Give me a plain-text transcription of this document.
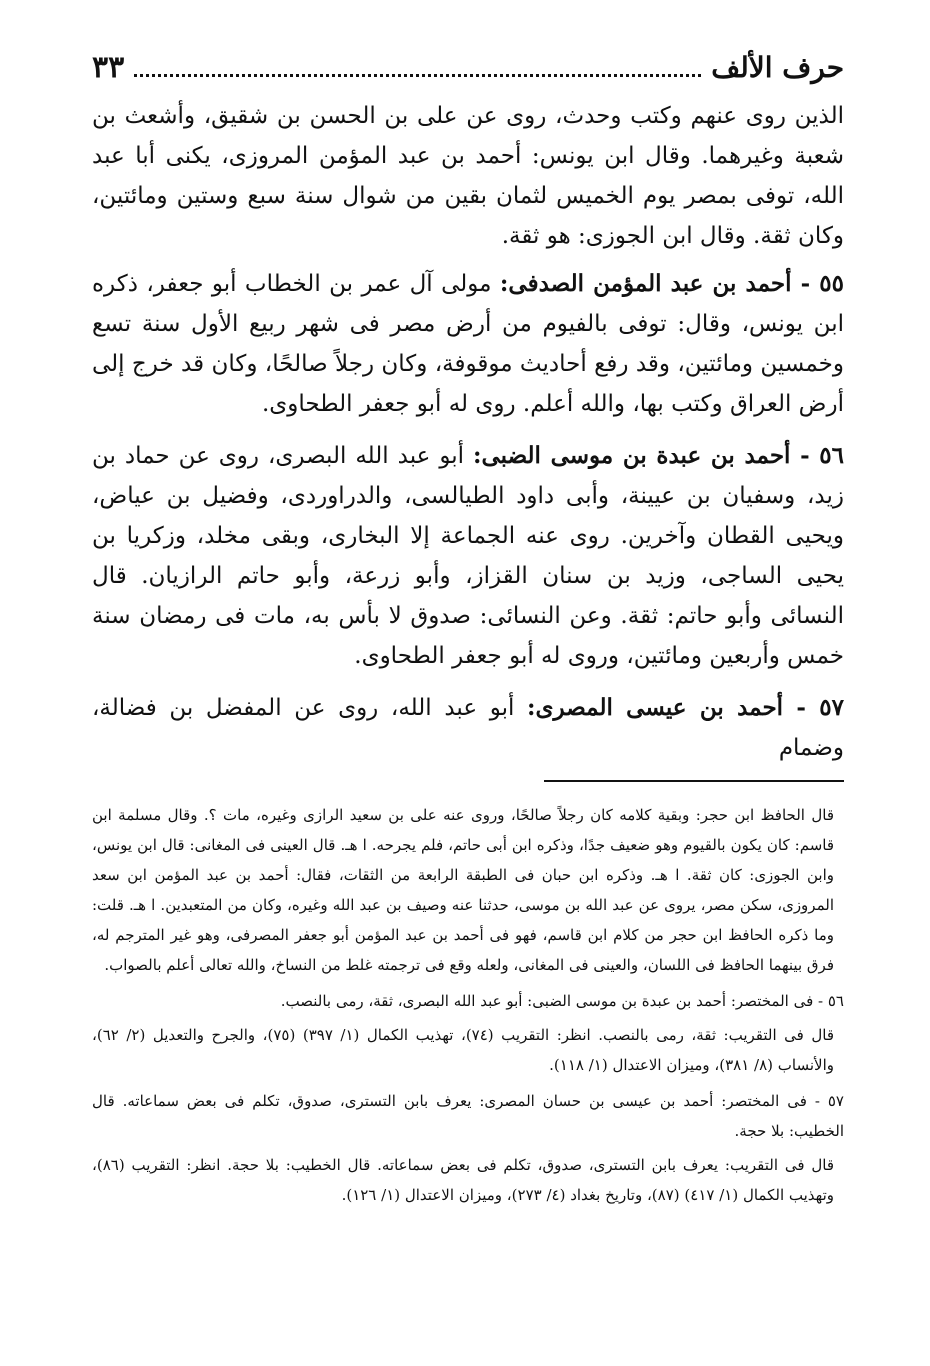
حرف الألف
٣٣

الذين روى عنهم وكتب وحدث، روى عن على بن الحسن بن شقيق، وأشعث بن شعبة وغيرهما. وقال ابن يونس: أحمد بن عبد المؤمن المروزى، يكنى أبا عبد الله، توفى بمصر يوم الخميس لثمان بقين من شوال سنة سبع وستين ومائتين، وكان ثقة. وقال ابن الجوزى: هو ثقة.

٥٥ - أحمد بن عبد المؤمن الصدفى: مولى آل عمر بن الخطاب أبو جعفر، ذكره ابن يونس، وقال: توفى بالفيوم من أرض مصر فى شهر ربيع الأول سنة تسع وخمسين ومائتين، وقد رفع أحاديث موقوفة، وكان رجلاً صالحًا، وكان قد خرج إلى أرض العراق وكتب بها، والله أعلم. روى له أبو جعفر الطحاوى.

٥٦ - أحمد بن عبدة بن موسى الضبى: أبو عبد الله البصرى، روى عن حماد بن زيد، وسفيان بن عيينة، وأبى داود الطيالسى، والدراوردى، وفضيل بن عياض، ويحيى القطان وآخرين. روى عنه الجماعة إلا البخارى، وبقى مخلد، وزكريا بن يحيى الساجى، وزيد بن سنان القزاز، وأبو زرعة، وأبو حاتم الرازيان. قال النسائى وأبو حاتم: ثقة. وعن النسائى: صدوق لا بأس به، مات فى رمضان سنة خمس وأربعين ومائتين، وروى له أبو جعفر الطحاوى.

٥٧ - أحمد بن عيسى المصرى: أبو عبد الله، روى عن المفضل بن فضالة، وضمام

قال الحافظ ابن حجر: وبقية كلامه كان رجلاً صالحًا، وروى عنه على بن سعيد الرازى وغيره، مات ؟. وقال مسلمة ابن قاسم: كان يكون بالقيوم وهو ضعيف جدًا، وذكره ابن أبى حاتم، فلم يجرحه. ا هـ. قال العينى فى المغانى: قال ابن يونس، وابن الجوزى: كان ثقة. ا هـ. وذكره ابن حبان فى الطبقة الرابعة من الثقات، فقال: أحمد بن عبد المؤمن ابن سعد المروزى، سكن مصر، يروى عن عبد الله بن موسى، حدثنا عنه وصيف بن عبد الله وغيره، وكان من المتعبدين. ا هـ. قلت: وما ذكره الحافظ ابن حجر من كلام ابن قاسم، فهو فى أحمد بن عبد المؤمن أبو جعفر المصرفى، وهو غير المترجم له، فرق بينهما الحافظ فى اللسان، والعينى فى المغانى، ولعله وقع فى ترجمته غلط من النساخ، والله تعالى أعلم بالصواب.

٥٦ - فى المختصر: أحمد بن عبدة بن موسى الضبى: أبو عبد الله البصرى، ثقة، رمى بالنصب.

قال فى التقريب: ثقة، رمى بالنصب. انظر: التقريب (٧٤)، تهذيب الكمال (١/ ٣٩٧) (٧٥)، والجرح والتعديل (٢/ ٦٢)، والأنساب (٨/ ٣٨١)، وميزان الاعتدال (١/ ١١٨).

٥٧ - فى المختصر: أحمد بن عيسى بن حسان المصرى: يعرف بابن التسترى، صدوق، تكلم فى بعض سماعاته. قال الخطيب: بلا حجة.

قال فى التقريب: يعرف بابن التسترى، صدوق، تكلم فى بعض سماعاته. قال الخطيب: بلا حجة. انظر: التقريب (٨٦)، وتهذيب الكمال (١/ ٤١٧) (٨٧)، وتاريخ بغداد (٤/ ٢٧٣)، وميزان الاعتدال (١/ ١٢٦).
